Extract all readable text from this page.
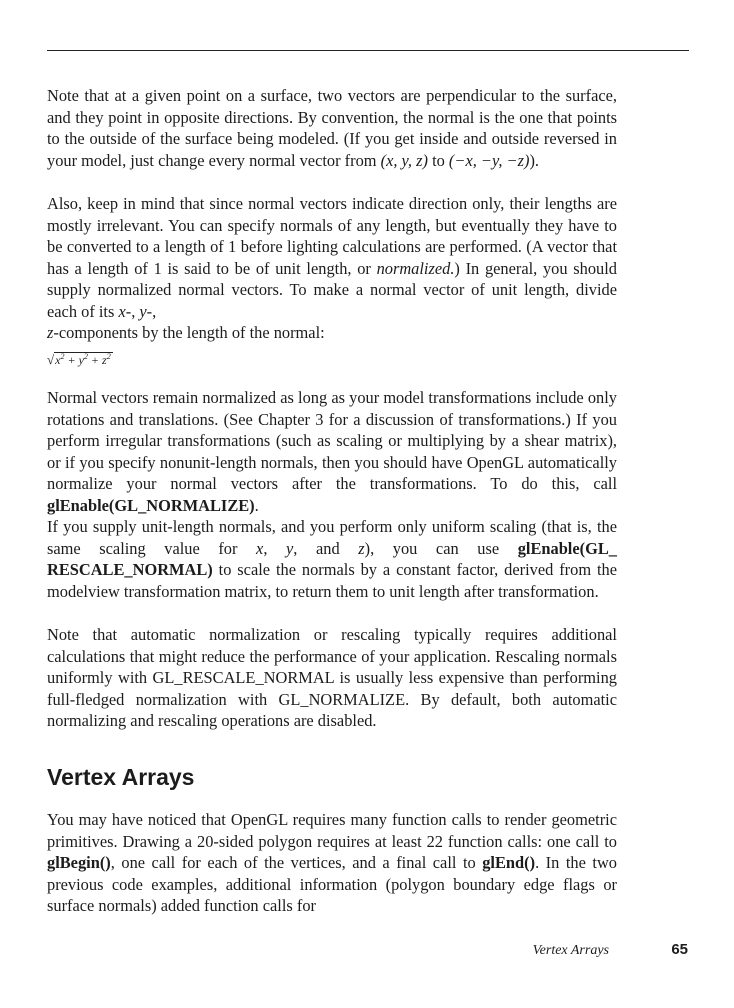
Note that at a given point on a surface, two vectors are perpendicular to the surface, and they point in opposite directions. By convention, the normal is the one that points to the outside of the surface being modeled. (If you get inside and outside reversed in your model, just change every normal vector from (x, y, z) to (−x, −y, −z)).

Also, keep in mind that since normal vectors indicate direction only, their lengths are mostly irrelevant. You can specify normals of any length, but eventually they have to be converted to a length of 1 before lighting calculations are performed. (A vector that has a length of 1 is said to be of unit length, or normalized.) In general, you should supply normalized normal vectors. To make a normal vector of unit length, divide each of its x-, y-,
z-components by the length of the normal:

$√x^2 + y^2 + z^2$

Normal vectors remain normalized as long as your model transformations include only rotations and translations. (See Chapter 3 for a discussion of transformations.) If you perform irregular transformations (such as scaling or multiplying by a shear matrix), or if you specify nonunit-length normals, then you should have OpenGL automatically normalize your normal vectors after the transformations. To do this, call glEnable(GL_NORMALIZE).

If you supply unit-length normals, and you perform only uniform scaling (that is, the same scaling value for x, y, and z), you can use glEnable(GL_ RESCALE_NORMAL) to scale the normals by a constant factor, derived from the modelview transformation matrix, to return them to unit length after transformation.

Note that automatic normalization or rescaling typically requires additional calculations that might reduce the performance of your application. Rescaling normals uniformly with GL_RESCALE_NORMAL is usually less expensive than performing full-fledged normalization with GL_NORMALIZE. By default, both automatic normalizing and rescaling operations are disabled.

Vertex Arrays

You may have noticed that OpenGL requires many function calls to render geometric primitives. Drawing a 20-sided polygon requires at least 22 function calls: one call to glBegin(), one call for each of the vertices, and a final call to glEnd(). In the two previous code examples, additional information (polygon boundary edge flags or surface normals) added function calls for

Vertex Arrays	65
